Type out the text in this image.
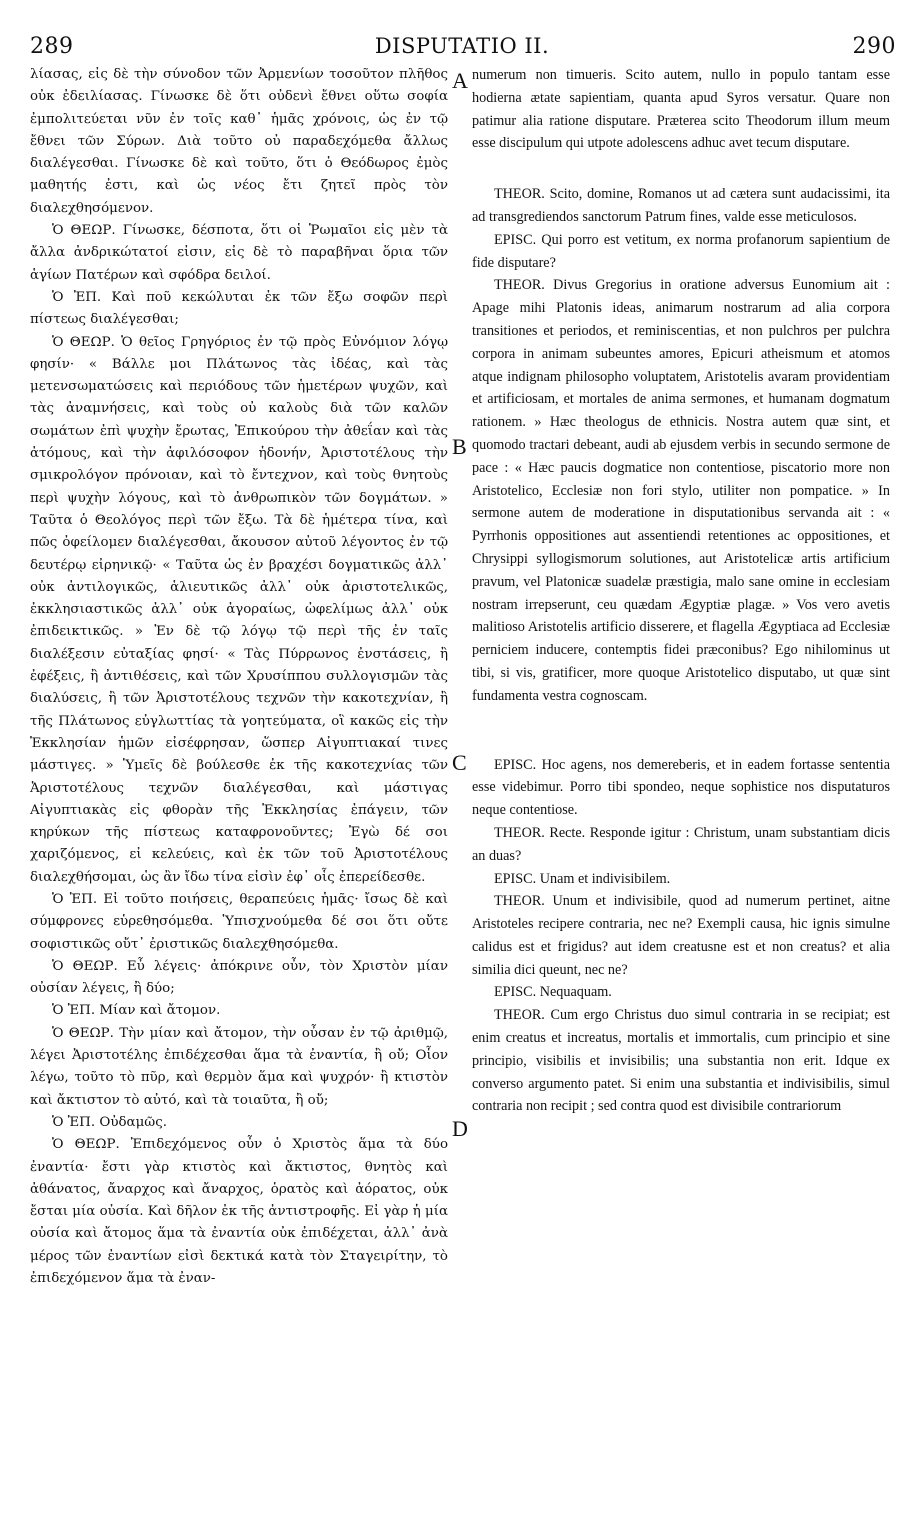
289	DISPUTATIO II.	290

λίασας, εἰς δὲ τὴν σύνοδον τῶν Ἀρμενίων τοσοῦτον πλῆθος οὐκ ἐδειλίασας. Γίνωσκε δὲ ὅτι οὐδενὶ ἔθνει οὕτω σοφία ἐμπολιτεύεται νῦν ἐν τοῖς καθ᾽ ἡμᾶς χρόνοις, ὡς ἐν τῷ ἔθνει τῶν Σύρων. Διὰ τοῦτο οὐ παραδεχόμεθα ἄλλως διαλέγεσθαι. Γίνωσκε δὲ καὶ τοῦτο, ὅτι ὁ Θεόδωρος ἐμὸς μαθητής ἐστι, καὶ ὡς νέος ἔτι ζητεῖ πρὸς τὸν διαλεχθησόμενον.

Ὁ ΘΕΩΡ. Γίνωσκε, δέσποτα, ὅτι οἱ Ῥωμαῖοι εἰς μὲν τὰ ἄλλα ἀνδρικώτατοί εἰσιν, εἰς δὲ τὸ παραβῆναι ὅρια τῶν ἁγίων Πατέρων καὶ σφόδρα δειλοί.

Ὁ ἘΠ. Καὶ ποῦ κεκώλυται ἐκ τῶν ἔξω σοφῶν περὶ πίστεως διαλέγεσθαι;

Ὁ ΘΕΩΡ. Ὁ θεῖος Γρηγόριος ἐν τῷ πρὸς Εὐνόμιον λόγῳ φησίν· « Βάλλε μοι Πλάτωνος τὰς ἰδέας, καὶ τὰς μετενσωματώσεις καὶ περιόδους τῶν ἡμετέρων ψυχῶν, καὶ τὰς ἀναμνήσεις, καὶ τοὺς οὐ καλοὺς διὰ τῶν καλῶν σωμάτων ἐπὶ ψυχὴν ἔρωτας, Ἐπικούρου τὴν ἀθεΐαν καὶ τὰς ἀτόμους, καὶ τὴν ἀφιλόσοφον ἡδονήν, Ἀριστοτέλους τὴν σμικρολόγον πρόνοιαν, καὶ τὸ ἔντεχνον, καὶ τοὺς θνητοὺς περὶ ψυχὴν λόγους, καὶ τὸ ἀνθρωπικὸν τῶν δογμάτων. » Ταῦτα ὁ Θεολόγος περὶ τῶν ἔξω. Τὰ δὲ ἡμέτερα τίνα, καὶ πῶς ὀφείλομεν διαλέγεσθαι, ἄκουσον αὐτοῦ λέγοντος ἐν τῷ δευτέρῳ εἰρηνικῷ· « Ταῦτα ὡς ἐν βραχέσι δογματικῶς ἀλλ᾽ οὐκ ἀντιλογικῶς, ἁλιευτικῶς ἀλλ᾽ οὐκ ἀριστοτελικῶς, ἐκκλησιαστικῶς ἀλλ᾽ οὐκ ἀγοραίως, ὠφελίμως ἀλλ᾽ οὐκ ἐπιδεικτικῶς. » Ἐν δὲ τῷ λόγῳ τῷ περὶ τῆς ἐν ταῖς διαλέξεσιν εὐταξίας φησί· « Τὰς Πύρρωνος ἐνστάσεις, ἢ ἐφέξεις, ἢ ἀντιθέσεις, καὶ τῶν Χρυσίππου συλλογισμῶν τὰς διαλύσεις, ἢ τῶν Ἀριστοτέλους τεχνῶν τὴν κακοτεχνίαν, ἢ τῆς Πλάτωνος εὐγλωττίας τὰ γοητεύματα, οἳ κακῶς εἰς τὴν Ἐκκλησίαν ἡμῶν εἰσέφρησαν, ὥσπερ Αἰγυπτιακαί τινες μάστιγες. » Ὑμεῖς δὲ βούλεσθε ἐκ τῆς κακοτεχνίας τῶν Ἀριστοτέλους τεχνῶν διαλέγεσθαι, καὶ μάστιγας Αἰγυπτιακὰς εἰς φθορὰν τῆς Ἐκκλησίας ἐπάγειν, τῶν κηρύκων τῆς πίστεως καταφρονοῦντες; Ἐγὼ δέ σοι χαριζόμενος, εἰ κελεύεις, καὶ ἐκ τῶν τοῦ Ἀριστοτέλους διαλεχθήσομαι, ὡς ἂν ἴδω τίνα εἰσὶν ἐφ᾽ οἷς ἐπερείδεσθε.

Ὁ ἘΠ. Εἰ τοῦτο ποιήσεις, θεραπεύεις ἡμᾶς· ἴσως δὲ καὶ σύμφρονες εὑρεθησόμεθα. Ὑπισχνούμεθα δέ σοι ὅτι οὔτε σοφιστικῶς οὔτ᾽ ἐριστικῶς διαλεχθησόμεθα.

Ὁ ΘΕΩΡ. Εὖ λέγεις· ἀπόκρινε οὖν, τὸν Χριστὸν μίαν οὐσίαν λέγεις, ἢ δύο;

Ὁ ἘΠ. Μίαν καὶ ἄτομον.

Ὁ ΘΕΩΡ. Τὴν μίαν καὶ ἄτομον, τὴν οὖσαν ἐν τῷ ἀριθμῷ, λέγει Ἀριστοτέλης ἐπιδέχεσθαι ἅμα τὰ ἐναντία, ἢ οὔ; Οἷον λέγω, τοῦτο τὸ πῦρ, καὶ θερμὸν ἅμα καὶ ψυχρόν· ἢ κτιστὸν καὶ ἄκτιστον τὸ αὐτό, καὶ τὰ τοιαῦτα, ἢ οὔ;

Ὁ ἘΠ. Οὐδαμῶς.

Ὁ ΘΕΩΡ. Ἐπιδεχόμενος οὖν ὁ Χριστὸς ἅμα τὰ δύο ἐναντία· ἔστι γὰρ κτιστὸς καὶ ἄκτιστος, θνητὸς καὶ ἀθάνατος, ἄναρχος καὶ ἄναρχος, ὁρατὸς καὶ ἀόρατος, οὐκ ἔσται μία οὐσία. Καὶ δῆλον ἐκ τῆς ἀντιστροφῆς. Εἰ γὰρ ἡ μία οὐσία καὶ ἄτομος ἅμα τὰ ἐναντία οὐκ ἐπιδέχεται, ἀλλ᾽ ἀνὰ μέρος τῶν ἐναντίων εἰσὶ δεκτικά κατὰ τὸν Σταγειρίτην, τὸ ἐπιδεχόμενον ἅμα τὰ ἐναν-

A
B
C
D

numerum non timueris. Scito autem, nullo in populo tantam esse hodierna ætate sapientiam, quanta apud Syros versatur. Quare non patimur alia ratione disputare. Præterea scito Theodorum illum meum esse discipulum qui utpote adolescens adhuc avet tecum disputare.

THEOR. Scito, domine, Romanos ut ad cætera sunt audacissimi, ita ad transgrediendos sanctorum Patrum fines, valde esse meticulosos.

EPISC. Qui porro est vetitum, ex norma profanorum sapientium de fide disputare?

THEOR. Divus Gregorius in oratione adversus Eunomium ait : Apage mihi Platonis ideas, animarum nostrarum ad alia corpora transitiones et periodos, et reminiscentias, et non pulchros per pulchra corpora in animam subeuntes amores, Epicuri atheismum et atomos atque indignam philosopho voluptatem, Aristotelis avaram providentiam et artificiosam, et mortales de anima sermones, et humanam dogmatum rationem. » Hæc theologus de ethnicis. Nostra autem quæ sint, et quomodo tractari debeant, audi ab ejusdem verbis in secundo sermone de pace : « Hæc paucis dogmatice non contentiose, piscatorio more non Aristotelico, Ecclesiæ non fori stylo, utiliter non pompatice. » In sermone autem de moderatione in disputationibus servanda ait : « Pyrrhonis oppositiones aut assentiendi retentiones ac oppositiones, et Chrysippi syllogismorum solutiones, aut Aristotelicæ artis artificium pravum, vel Platonicæ suadelæ præstigia, malo sane omine in ecclesiam nostram irrepserunt, ceu quædam Ægyptiæ plagæ. » Vos vero avetis malitioso Aristotelis artificio disserere, et flagella Ægyptiaca ad Ecclesiæ perniciem inducere, contemptis fidei præconibus? Ego nihilominus ut tibi, si vis, gratificer, more quoque Aristotelico disputabo, ut quæ sint fundamenta vestra cognoscam.

EPISC. Hoc agens, nos demereberis, et in eadem fortasse sententia esse videbimur. Porro tibi spondeo, neque sophistice nos disputaturos neque contentiose.

THEOR. Recte. Responde igitur : Christum, unam substantiam dicis an duas?

EPISC. Unam et indivisibilem.

THEOR. Unum et indivisibile, quod ad numerum pertinet, aitne Aristoteles recipere contraria, nec ne? Exempli causa, hic ignis simulne calidus est et frigidus? aut idem creatusne est et non creatus? et alia similia dici queunt, nec ne?

EPISC. Nequaquam.

THEOR. Cum ergo Christus duo simul contraria in se recipiat; est enim creatus et increatus, mortalis et immortalis, cum principio et sine principio, visibilis et invisibilis; una substantia non erit. Idque ex converso argumento patet. Si enim una substantia et indivisibilis, simul contraria non recipit ; sed contra quod est divisibile contrariorum
